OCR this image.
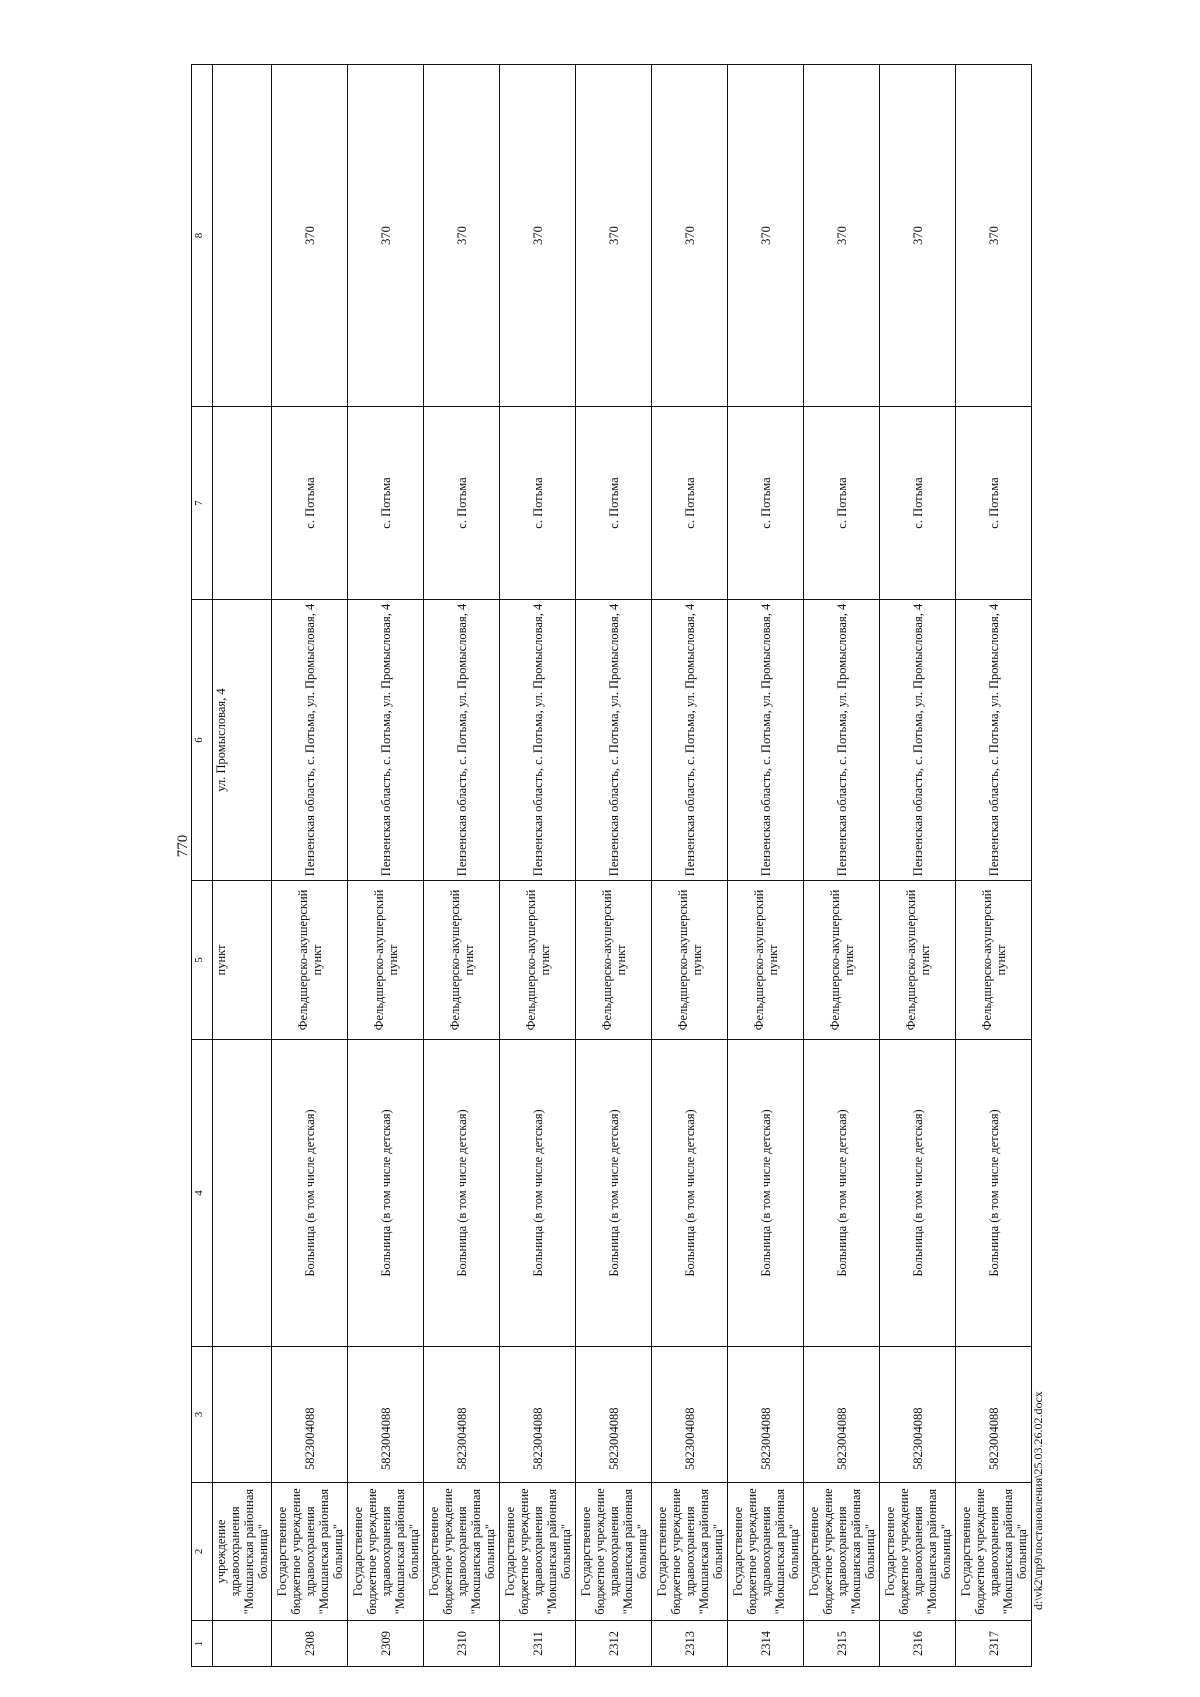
770
d:\vk2\пр9\постановления\25.03.26.02.docx
1	2	3	4	5	6	7	8
	учреждение здравоохранения "Мокшанская районная больница"			пункт	ул. Промысловая, 4		
2308	Государственное бюджетное учреждение здравоохранения "Мокшанская районная больница"	5823004088	Больница (в том числе детская)	Фельдшерско-акушерский пункт	Пензенская область, с. Потьма, ул. Промысловая, 4	с. Потьма	370
2309	Государственное бюджетное учреждение здравоохранения "Мокшанская районная больница"	5823004088	Больница (в том числе детская)	Фельдшерско-акушерский пункт	Пензенская область, с. Потьма, ул. Промысловая, 4	с. Потьма	370
2310	Государственное бюджетное учреждение здравоохранения "Мокшанская районная больница"	5823004088	Больница (в том числе детская)	Фельдшерско-акушерский пункт	Пензенская область, с. Потьма, ул. Промысловая, 4	с. Потьма	370
2311	Государственное бюджетное учреждение здравоохранения "Мокшанская районная больница"	5823004088	Больница (в том числе детская)	Фельдшерско-акушерский пункт	Пензенская область, с. Потьма, ул. Промысловая, 4	с. Потьма	370
2312	Государственное бюджетное учреждение здравоохранения "Мокшанская районная больница"	5823004088	Больница (в том числе детская)	Фельдшерско-акушерский пункт	Пензенская область, с. Потьма, ул. Промысловая, 4	с. Потьма	370
2313	Государственное бюджетное учреждение здравоохранения "Мокшанская районная больница"	5823004088	Больница (в том числе детская)	Фельдшерско-акушерский пункт	Пензенская область, с. Потьма, ул. Промысловая, 4	с. Потьма	370
2314	Государственное бюджетное учреждение здравоохранения "Мокшанская районная больница"	5823004088	Больница (в том числе детская)	Фельдшерско-акушерский пункт	Пензенская область, с. Потьма, ул. Промысловая, 4	с. Потьма	370
2315	Государственное бюджетное учреждение здравоохранения "Мокшанская районная больница"	5823004088	Больница (в том числе детская)	Фельдшерско-акушерский пункт	Пензенская область, с. Потьма, ул. Промысловая, 4	с. Потьма	370
2316	Государственное бюджетное учреждение здравоохранения "Мокшанская районная больница"	5823004088	Больница (в том числе детская)	Фельдшерско-акушерский пункт	Пензенская область, с. Потьма, ул. Промысловая, 4	с. Потьма	370
2317	Государственное бюджетное учреждение здравоохранения "Мокшанская районная больница"	5823004088	Больница (в том числе детская)	Фельдшерско-акушерский пункт	Пензенская область, с. Потьма, ул. Промысловая, 4	с. Потьма	370
